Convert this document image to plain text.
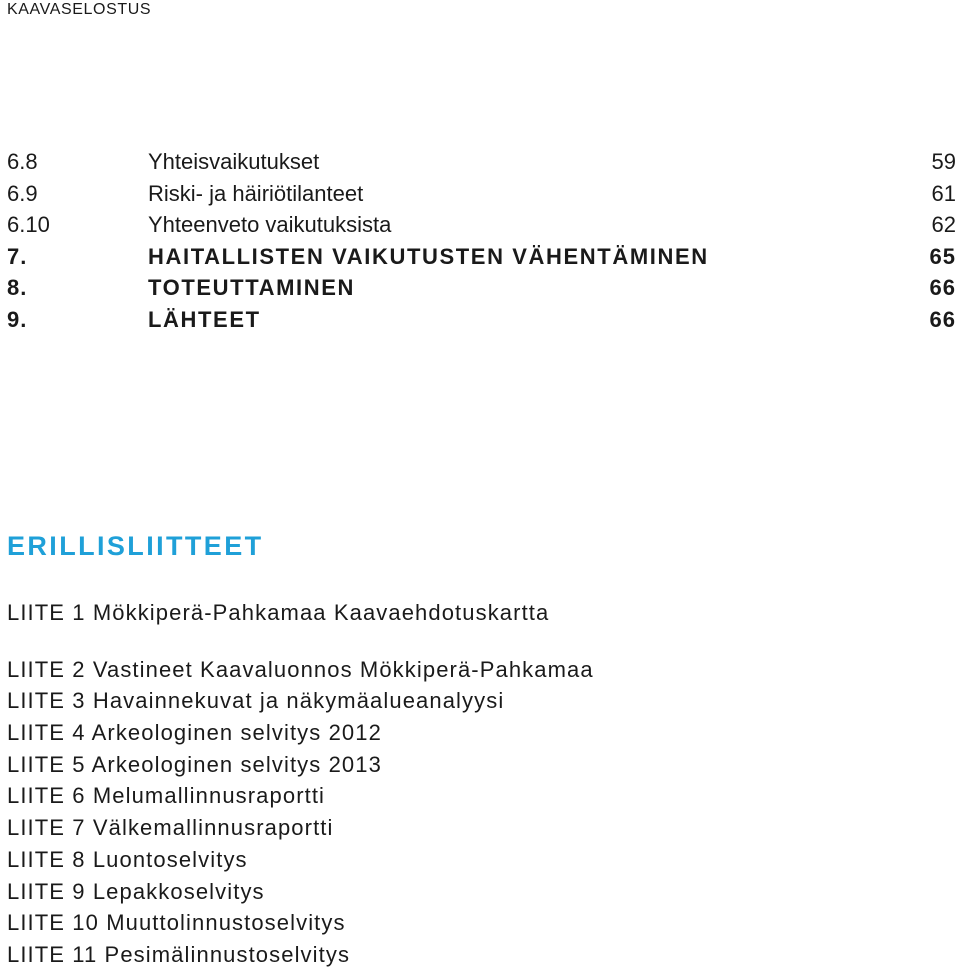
KAAVASELOSTUS
6.8	Yhteisvaikutukset	59
6.9	Riski- ja häiriötilanteet	61
6.10	Yhteenveto vaikutuksista	62
7.	HAITALLISTEN VAIKUTUSTEN VÄHENTÄMINEN	65
8.	TOTEUTTAMINEN	66
9.	LÄHTEET	66
ERILLISLIITTEET
LIITE 1 Mökkiperä-Pahkamaa Kaavaehdotuskartta
LIITE 2 Vastineet Kaavaluonnos Mökkiperä-Pahkamaa
LIITE 3 Havainnekuvat ja näkymäalueanalyysi
LIITE 4 Arkeologinen selvitys 2012
LIITE 5 Arkeologinen selvitys 2013
LIITE 6 Melumallinnusraportti
LIITE 7 Välkemallinnusraportti
LIITE 8 Luontoselvitys
LIITE 9 Lepakkoselvitys
LIITE 10 Muuttolinnustoselvitys
LIITE 11 Pesimälinnustoselvitys
